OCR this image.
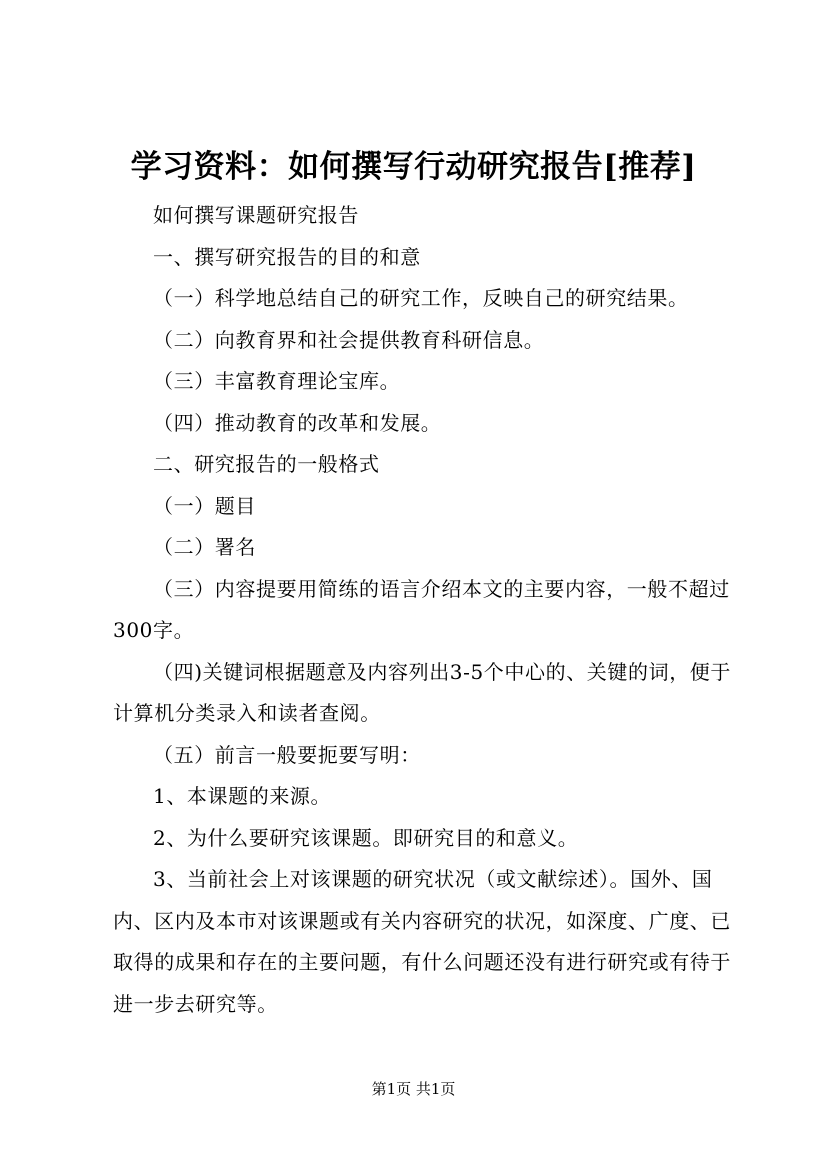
学习资料：如何撰写行动研究报告[推荐]

如何撰写课题研究报告

一、撰写研究报告的目的和意

（一）科学地总结自己的研究工作，反映自己的研究结果。

（二）向教育界和社会提供教育科研信息。

（三）丰富教育理论宝库。

（四）推动教育的改革和发展。

二、研究报告的一般格式

（一）题目

（二）署名

（三）内容提要用简练的语言介绍本文的主要内容，一般不超过300字。

（四)关键词根据题意及内容列出3-5个中心的、关键的词，便于计算机分类录入和读者查阅。

（五）前言一般要扼要写明：

1、本课题的来源。

2、为什么要研究该课题。即研究目的和意义。

3、当前社会上对该课题的研究状况（或文献综述）。国外、国内、区内及本市对该课题或有关内容研究的状况，如深度、广度、已取得的成果和存在的主要问题，有什么问题还没有进行研究或有待于进一步去研究等。

第1页 共1页
